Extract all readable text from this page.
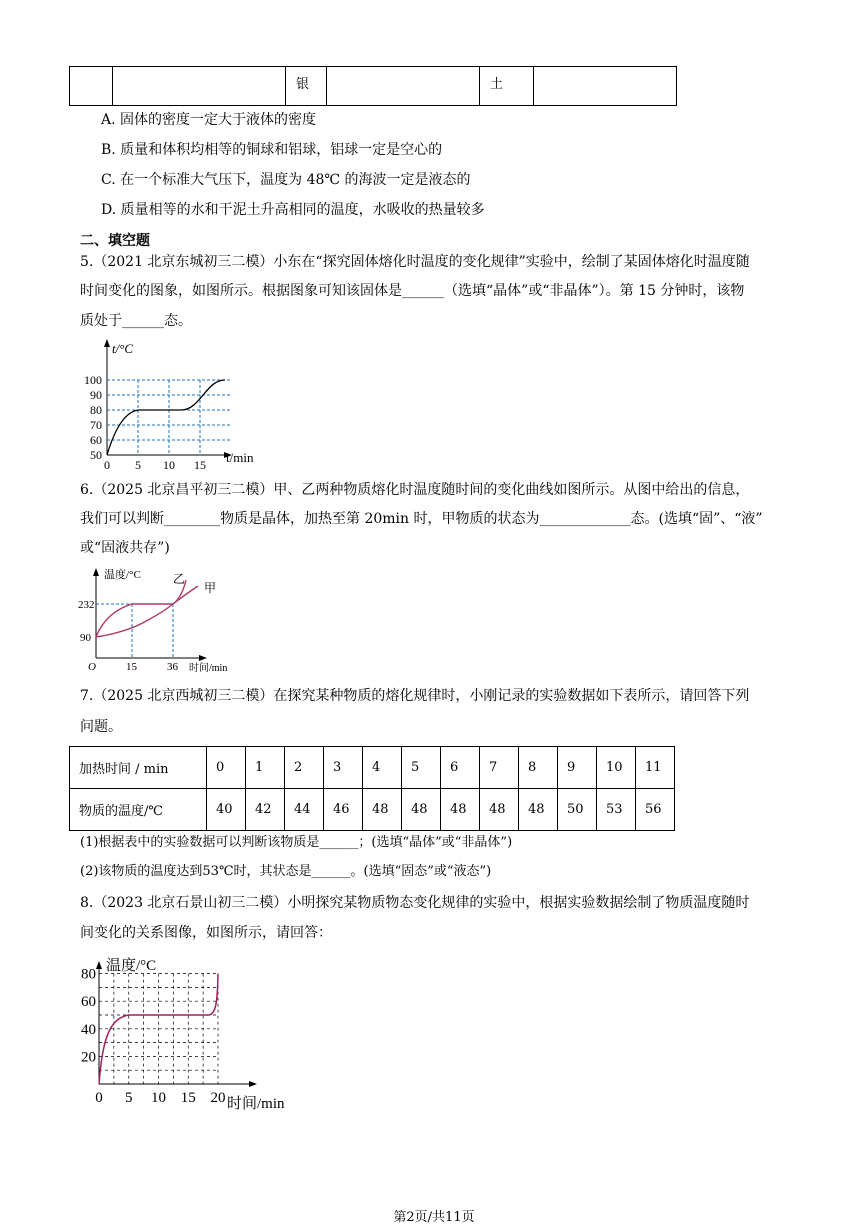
		银		土	
A. 固体的密度一定大于液体的密度
B. 质量和体积均相等的铜球和铝球，铝球一定是空心的
C. 在一个标准大气压下，温度为 48℃ 的海波一定是液态的
D. 质量相等的水和干泥土升高相同的温度，水吸收的热量较多
二、填空题
5.（2021 北京东城初三二模）小东在“探究固体熔化时温度的变化规律”实验中，绘制了某固体熔化时温度随
时间变化的图象，如图所示。根据图象可知该固体是______（选填“晶体”或“非晶体”）。第 15 分钟时，该物
质处于______态。
50
60
70
80
90
100
0 5 10 15
t/°C
t/min
6.（2025 北京昌平初三二模）甲、乙两种物质熔化时温度随时间的变化曲线如图所示。从图中给出的信息，
我们可以判断________物质是晶体，加热至第 20min 时，甲物质的状态为_____________态。(选填“固”、“液”
或“固液共存”)
温度/°C
232
90
O	15	36 时间/min
甲
乙
7.（2025 北京西城初三二模）在探究某种物质的熔化规律时，小刚记录的实验数据如下表所示，请回答下列
问题。
加热时间 / min	0	1	2	3	4	5	6	7	8	9	10	11
物质的温度/℃	40	42	44	46	48	48	48	48	48	50	53	56
(1)根据表中的实验数据可以判断该物质是______；(选填“晶体”或“非晶体”)
(2)该物质的温度达到53℃时，其状态是______。(选填“固态”或“液态”)
8.（2023 北京石景山初三二模）小明探究某物质物态变化规律的实验中，根据实验数据绘制了物质温度随时
间变化的关系图像，如图所示，请回答：
20
40
60
80
0 5 10 15 20
温度/°C
时间/min
第2页/共11页
